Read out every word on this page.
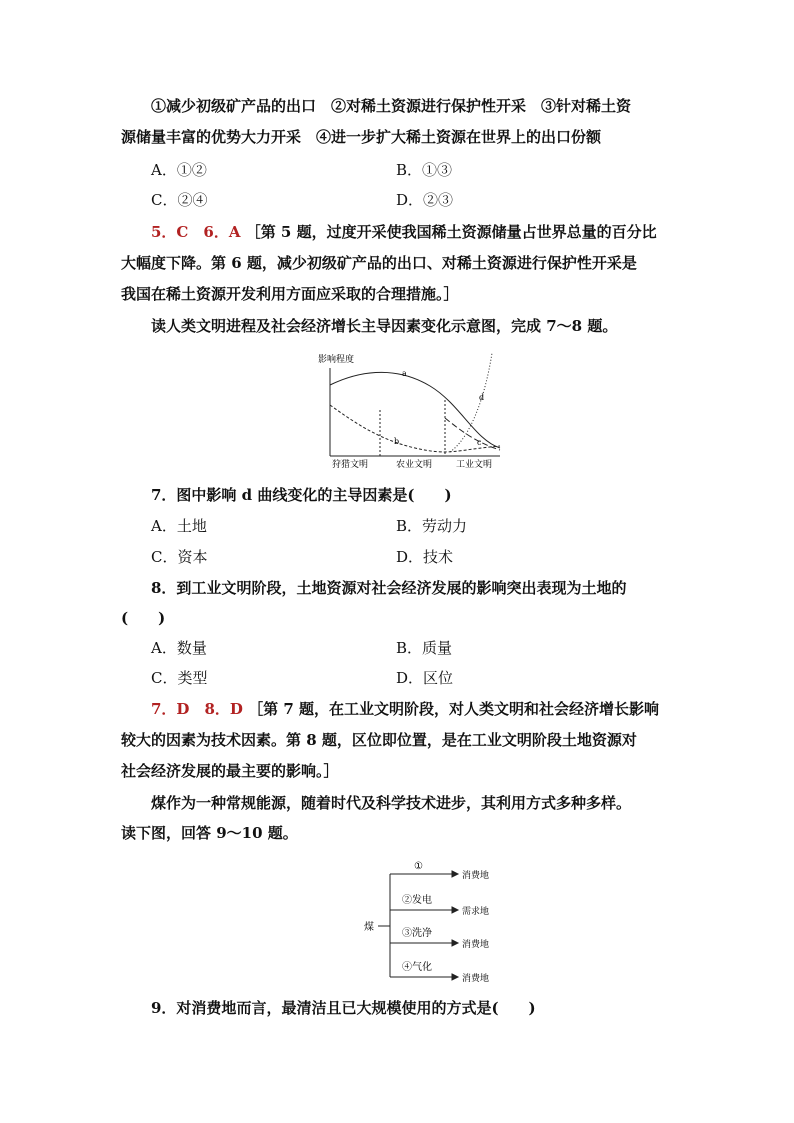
①减少初级矿产品的出口　②对稀土资源进行保护性开采　③针对稀土资
源储量丰富的优势大力开采　④进一步扩大稀土资源在世界上的出口份额
A．①②	B．①③
C．②④	D．②③
5．C　6．A ［第 5 题，过度开采使我国稀土资源储量占世界总量的百分比
大幅度下降。第 6 题，减少初级矿产品的出口、对稀土资源进行保护性开采是
我国在稀土资源开发利用方面应采取的合理措施。］
读人类文明进程及社会经济增长主导因素变化示意图，完成 7～8 题。
影响程度
a
b	c
d
狩猎文明	农业文明	工业文明
7．图中影响 d 曲线变化的主导因素是(　　)
A．土地	B．劳动力
C．资本	D．技术
8．到工业文明阶段，土地资源对社会经济发展的影响突出表现为土地的
(　　)
A．数量	B．质量
C．类型	D．区位
7．D　8．D ［第 7 题，在工业文明阶段，对人类文明和社会经济增长影响
较大的因素为技术因素。第 8 题，区位即位置，是在工业文明阶段土地资源对
社会经济发展的最主要的影响。］
煤作为一种常规能源，随着时代及科学技术进步，其利用方式多种多样。
读下图，回答 9～10 题。
煤
①
②发电
③洗净
④气化
消费地
需求地
消费地
消费地
9．对消费地而言，最清洁且已大规模使用的方式是(　　)
